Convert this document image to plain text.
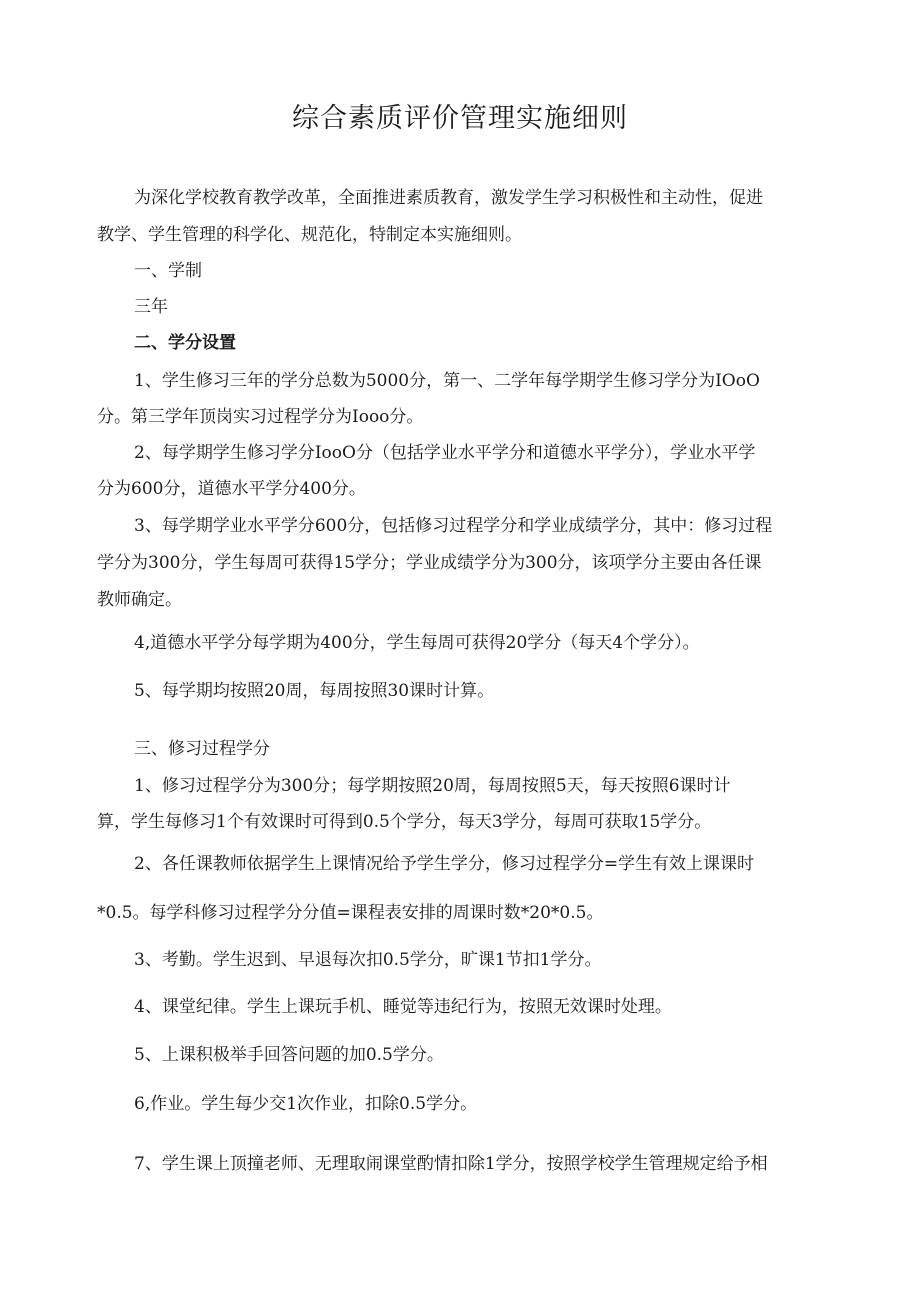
综合素质评价管理实施细则
为深化学校教育教学改革，全面推进素质教育，激发学生学习积极性和主动性，促进
教学、学生管理的科学化、规范化，特制定本实施细则。
一、学制
三年
二、学分设置
1、学生修习三年的学分总数为5000分，第一、二学年每学期学生修习学分为IOoO
分。第三学年顶岗实习过程学分为Iooo分。
2、每学期学生修习学分IooO分（包括学业水平学分和道德水平学分），学业水平学
分为600分，道德水平学分400分。
3、每学期学业水平学分600分，包括修习过程学分和学业成绩学分，其中：修习过程
学分为300分，学生每周可获得15学分；学业成绩学分为300分，该项学分主要由各任课
教师确定。
4,道德水平学分每学期为400分，学生每周可获得20学分（每天4个学分）。
5、每学期均按照20周，每周按照30课时计算。
三、修习过程学分
1、修习过程学分为300分；每学期按照20周，每周按照5天，每天按照6课时计
算，学生每修习1个有效课时可得到0.5个学分，每天3学分，每周可获取15学分。
2、各任课教师依据学生上课情况给予学生学分，修习过程学分=学生有效上课课时
*0.5。每学科修习过程学分分值=课程表安排的周课时数*20*0.5。
3、考勤。学生迟到、早退每次扣0.5学分，旷课1节扣1学分。
4、课堂纪律。学生上课玩手机、睡觉等违纪行为，按照无效课时处理。
5、上课积极举手回答问题的加0.5学分。
6,作业。学生每少交1次作业，扣除0.5学分。
7、学生课上顶撞老师、无理取闹课堂酌情扣除1学分，按照学校学生管理规定给予相
